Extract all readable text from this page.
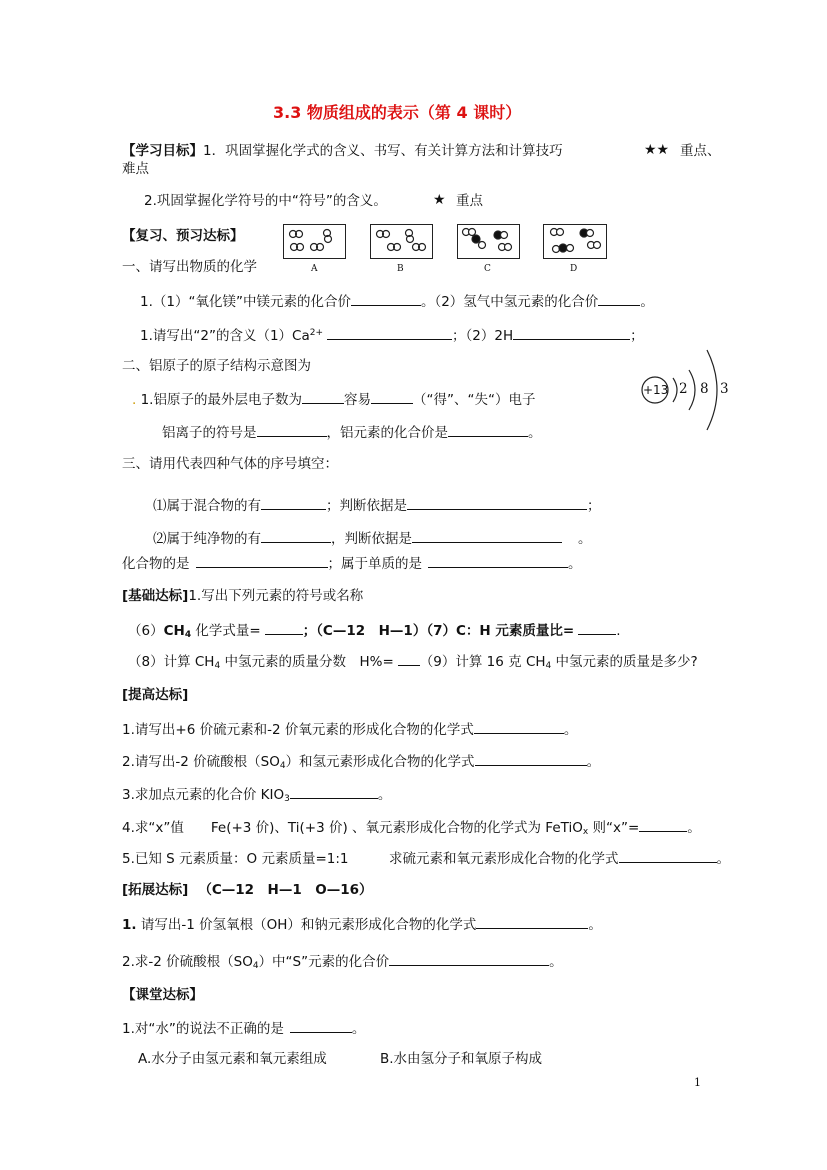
3.3 物质组成的表示（第 4 课时）
【学习目标】1．巩固掌握化学式的含义、书写、有关计算方法和计算技巧	★★ 重点、
难点
2.巩固掌握化学符号的中“符号”的含义。	★ 重点
【复习、预习达标】
一、请写出物质的化学	A	B	C	D
1.（1）“氧化镁”中镁元素的化合价	。（2）氢气中氢元素的化合价	。
1.请写出“2”的含义$(1)Ca^{2+}$	；（2）2H	；
二、铝原子的原子结构示意图为
. 1.铝原子的最外层电子数为	容易	（“得”、“失“）电子
铝离子的符号是	，铝元素的化合价是	。
+13 2 8 3
三、请用代表四种气体的序号填空：
⑴属于混合物的有	；判断依据是	；
⑵属于纯净物的有	，判断依据是	。
化合物的是	；属于单质的是	。
[基础达标]1.写出下列元素的符号或名称
$(6)CH_4$ 化学式量=	；（C—12　H—1）（7）C：H 元素质量比=	.
（8）计算 $CH_4$ 中氢元素的质量分数　H%= （9）计算 16 克 $CH_4$ 中氢元素的质量是多少?
[提高达标]
1.请写出+6 价硫元素和-2 价氧元素的形成化合物的化学式	。
2.请写出-2 价硫酸根$(SO_4)$和氢元素形成化合物的化学式	。
3.求加点元素的化合价 $KIO_3$	。
4.求“x”值　　Fe(+3 价)、Ti(+3 价) 、氧元素形成化合物的化学式为 FeTiO$_x$ 则“x”=	。
5.已知 S 元素质量：O 元素质量=1:1　　　求硫元素和氧元素形成化合物的化学式	。
[拓展达标] （C—12　H—1　O—16）
1. 请写出-1 价氢氧根（OH）和钠元素形成化合物的化学式	。
2.求-2 价硫酸根$(SO_4)$中“S”元素的化合价	。
【课堂达标】
1.对“水”的说法不正确的是	。
A.水分子由氢元素和氧元素组成	B.水由氢分子和氧原子构成
1
